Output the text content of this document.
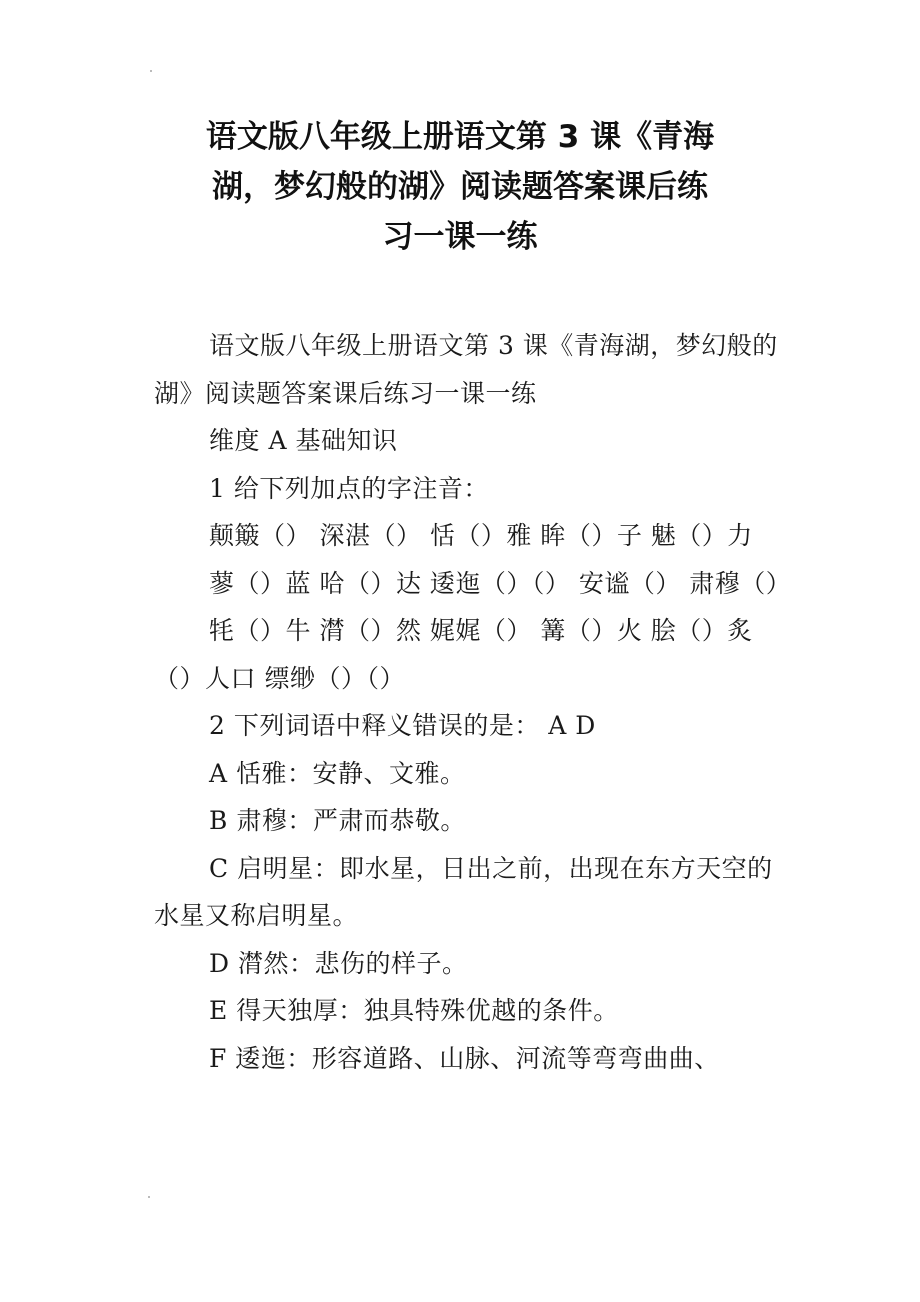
语文版八年级上册语文第 3 课《青海
湖，梦幻般的湖》阅读题答案课后练
习一课一练

语文版八年级上册语文第 3 课《青海湖，梦幻般的湖》阅读题答案课后练习一课一练

维度 A 基础知识

1 给下列加点的字注音：

颠簸（） 深湛（） 恬（）雅 眸（）子 魅（）力

蓼（）蓝 哈（）达 逶迤（）（） 安谧（） 肃穆（）

牦（）牛 潸（）然 娓娓（） 篝（）火 脍（）炙（）人口 缥缈（）（）

2 下列词语中释义错误的是： A D

A 恬雅：安静、文雅。

B 肃穆：严肃而恭敬。

C 启明星：即水星，日出之前，出现在东方天空的水星又称启明星。

D 潸然：悲伤的样子。

E 得天独厚：独具特殊优越的条件。

F 逶迤：形容道路、山脉、河流等弯弯曲曲、
